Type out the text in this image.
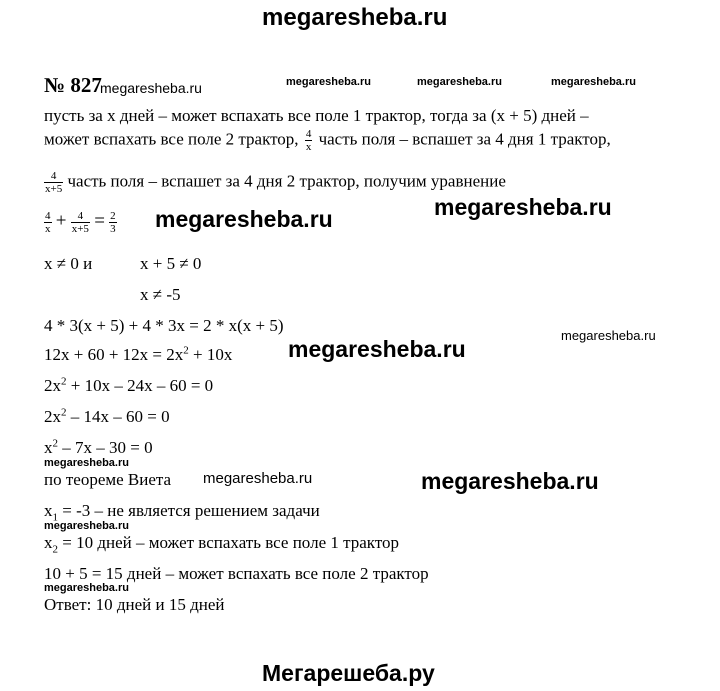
megaresheba.ru
№ 827
megaresheba.ru	megaresheba.ru	megaresheba.ru	megaresheba.ru
пусть за х дней – может вспахать все поле 1 трактор, тогда за (х + 5) дней –
может вспахать все поле 2 трактор, $\frac{4}{x}$ часть поля – вспашет за 4 дня 1 трактор,
$\frac{4}{x+5}$ часть поля – вспашет за 4 дня 2 трактор, получим уравнение
megaresheba.ru	megaresheba.ru
$\frac{4}{x} + \frac{4}{x+5} = \frac{2}{3}$
x ≠ 0 и	x + 5 ≠ 0
x ≠ -5
4 * 3(x + 5) + 4 * 3x = 2 * x(x + 5)
megaresheba.ru
$12x + 60 + 12x = 2x^2 + 10x$ megaresheba.ru
$2x^2 + 10x - 24x - 60 = 0$
$2x^2 - 14x - 60 = 0$
$x^2 - 7x - 30 = 0$
megaresheba.ru
по теореме Виета megaresheba.ru	megaresheba.ru
$x_1 = -3$ – не является решением задачи
megaresheba.ru
$x_2 = 10$ дней – может вспахать все поле 1 трактор
10 + 5 = 15 дней – может вспахать все поле 2 трактор
megaresheba.ru
Ответ: 10 дней и 15 дней
Мегарешеба.ру
